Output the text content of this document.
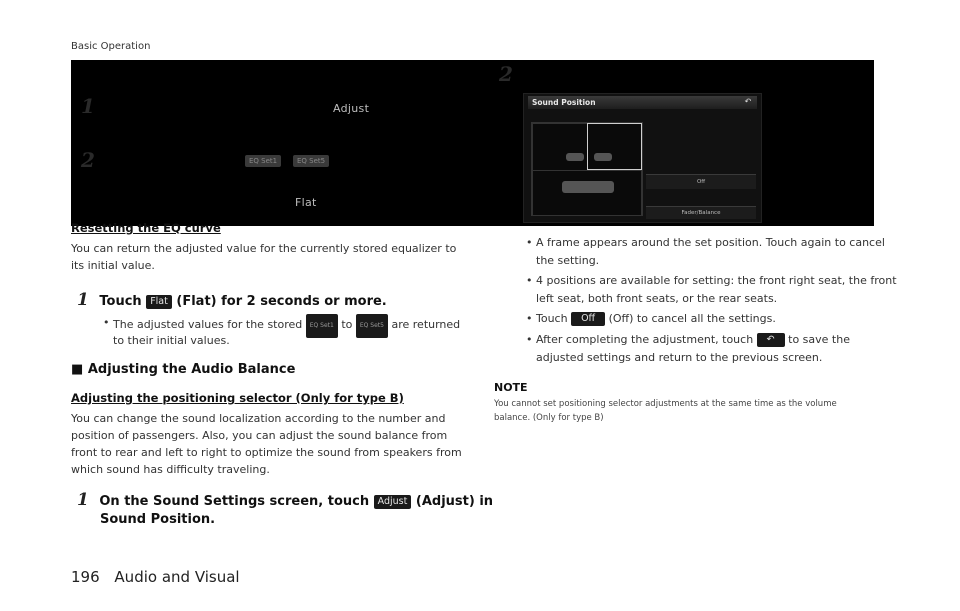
Basic Operation
1
2
2
Adjust
EQ Set1	EQ Set5
Flat
Sound Position	↶
Off
Fader/Balance
Resetting the EQ curve
You can return the adjusted value for the currently stored equalizer to its initial value.
1 Touch Flat (Flat) for 2 seconds or more.
• The adjusted values for the stored EQ Set1 to EQ Set5 are returned
to their initial values.
■ Adjusting the Audio Balance
Adjusting the positioning selector (Only for type B)
You can change the sound localization according to the number and
position of passengers. Also, you can adjust the sound balance from
front to rear and left to right to optimize the sound from speakers from
which sound has difficulty traveling.
1 On the Sound Settings screen, touch Adjust (Adjust) in
Sound Position.
• A frame appears around the set position. Touch again to cancel
the setting.
• 4 positions are available for setting: the front right seat, the front
left seat, both front seats, or the rear seats.
• Touch Off (Off) to cancel all the settings.
• After completing the adjustment, touch ↶ to save the
adjusted settings and return to the previous screen.
NOTE
You cannot set positioning selector adjustments at the same time as the volume
balance. (Only for type B)
196 Audio and Visual
